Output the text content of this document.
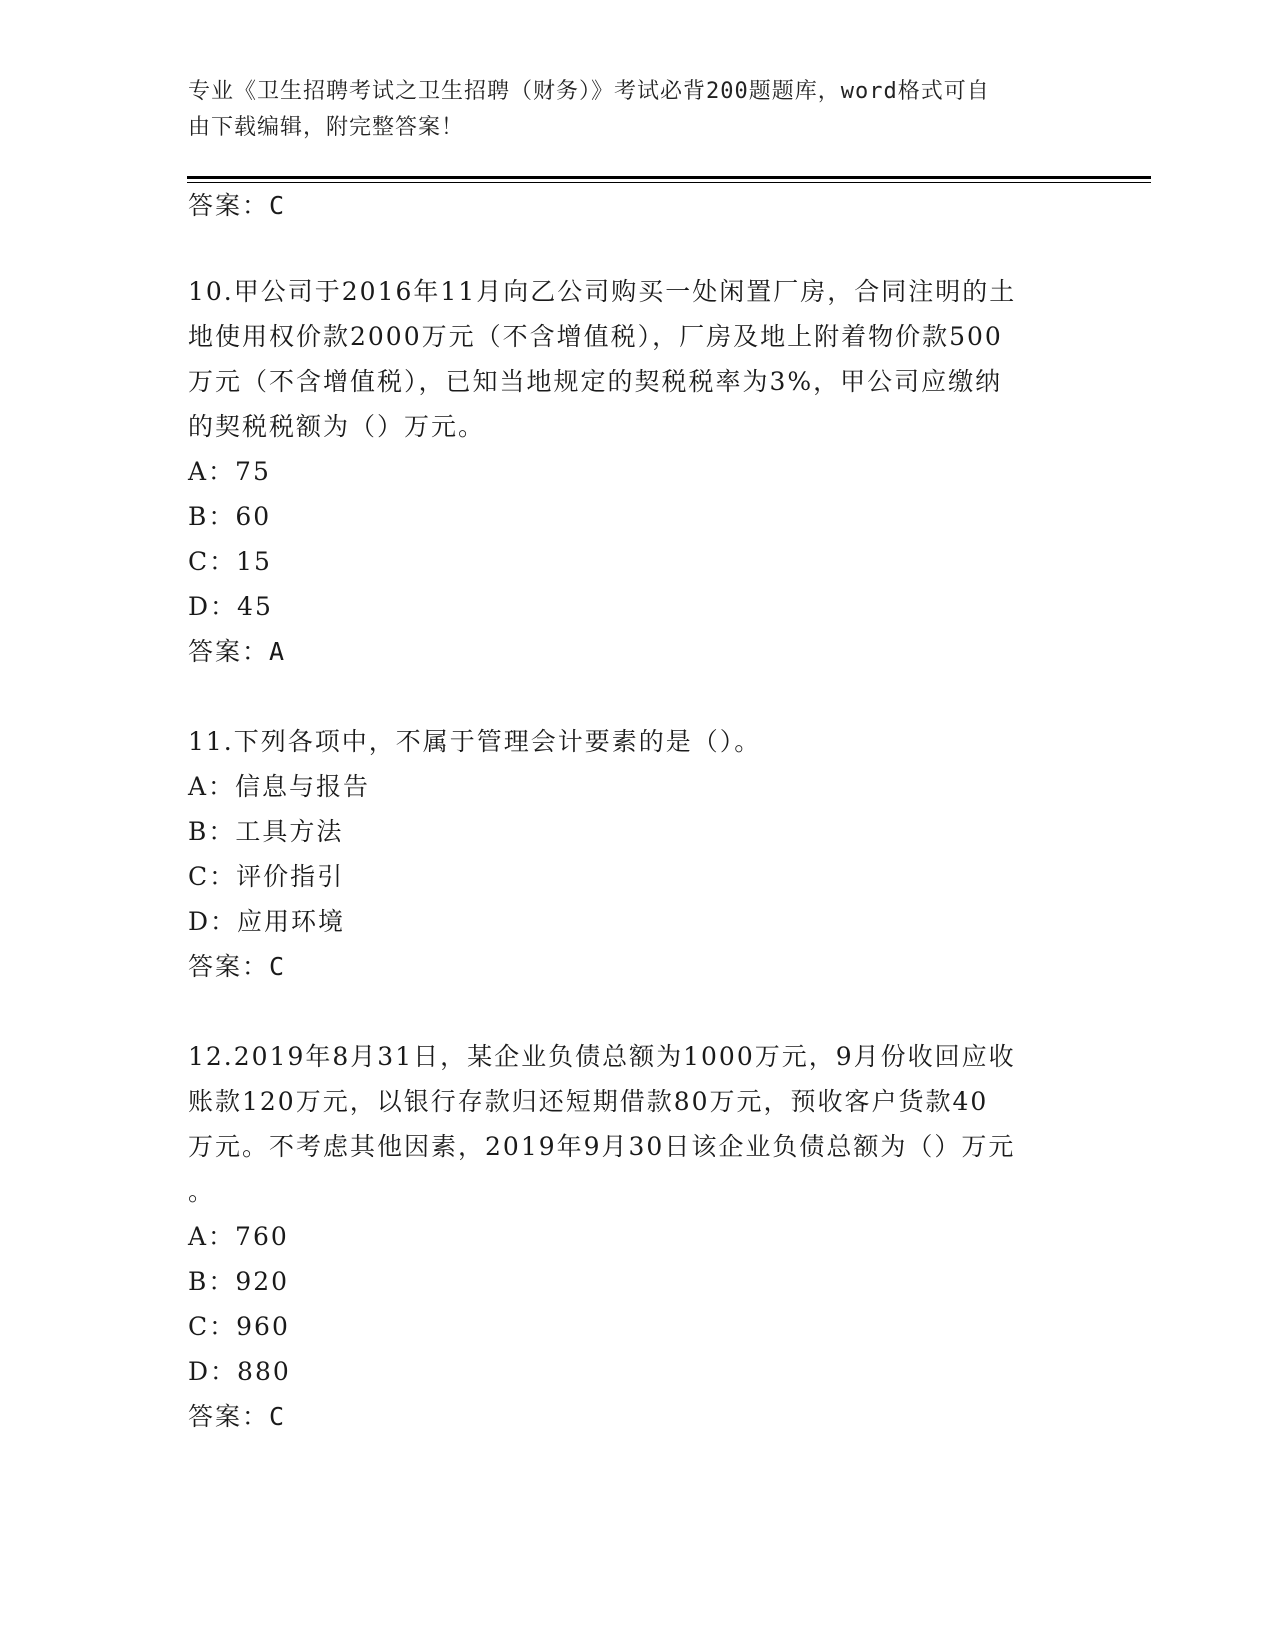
专业《卫生招聘考试之卫生招聘（财务）》考试必背200题题库，word格式可自
由下载编辑，附完整答案！
答案：C
10.甲公司于2016年11月向乙公司购买一处闲置厂房，合同注明的土
地使用权价款2000万元（不含增值税），厂房及地上附着物价款500
万元（不含增值税），已知当地规定的契税税率为3%，甲公司应缴纳
的契税税额为（）万元。
A：75
B：60
C：15
D：45
答案：A
11.下列各项中，不属于管理会计要素的是（）。
A：信息与报告
B：工具方法
C：评价指引
D：应用环境
答案：C
12.2019年8月31日，某企业负债总额为1000万元，9月份收回应收
账款120万元，以银行存款归还短期借款80万元，预收客户货款40
万元。不考虑其他因素，2019年9月30日该企业负债总额为（）万元
。
A：760
B：920
C：960
D：880
答案：C
